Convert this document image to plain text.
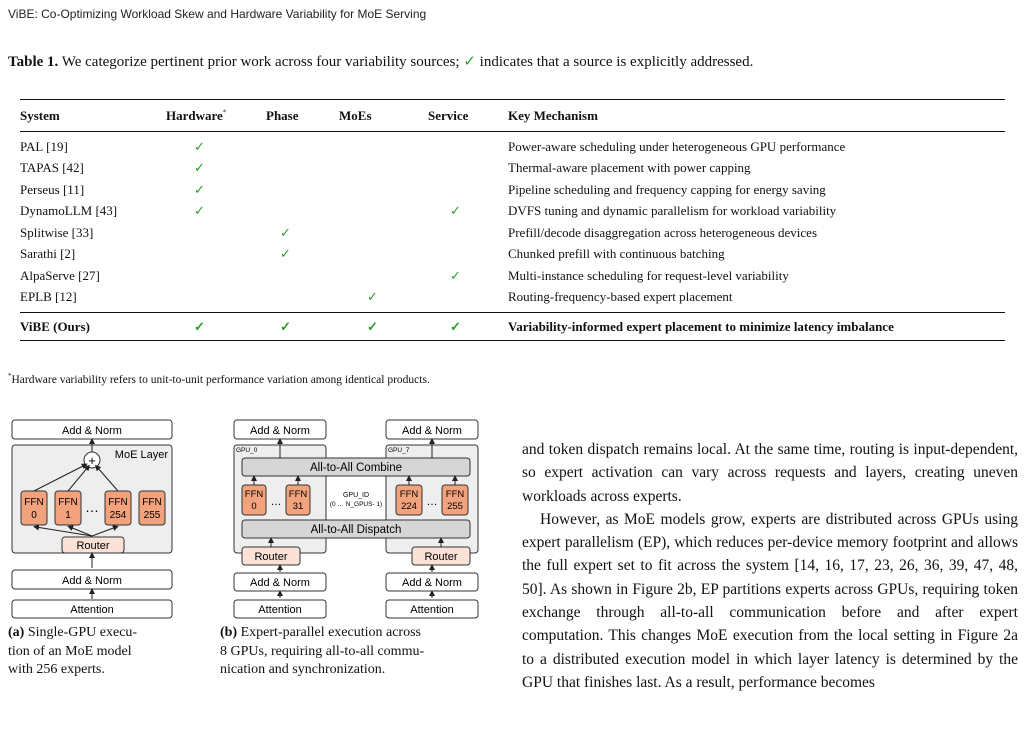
ViBE: Co-Optimizing Workload Skew and Hardware Variability for MoE Serving
Table 1. We categorize pertinent prior work across four variability sources; ✓ indicates that a source is explicitly addressed.
System	Hardware*	Phase	MoEs	Service	Key Mechanism

PAL [19]	✓				Power-aware scheduling under heterogeneous GPU performance
TAPAS [42]	✓				Thermal-aware placement with power capping
Perseus [11]	✓				Pipeline scheduling and frequency capping for energy saving
DynamoLLM [43]	✓			✓	DVFS tuning and dynamic parallelism for workload variability
Splitwise [33]		✓			Prefill/decode disaggregation across heterogeneous devices
Sarathi [2]		✓			Chunked prefill with continuous batching
AlpaServe [27]				✓	Multi-instance scheduling for request-level variability
EPLB [12]			✓		Routing-frequency-based expert placement

ViBE (Ours)	✓	✓	✓	✓	Variability-informed expert placement to minimize latency imbalance
*Hardware variability refers to unit-to-unit performance variation among identical products.
Add & Norm
MoE Layer
+
FFN
0
FFN
1
… FFN
254
FFN
255
Router
Add & Norm
Attention
(a) Single-GPU execu-
tion of an MoE model
with 256 experts.
Add & Norm	Add & Norm
GPU_0	GPU_7
All-to-All Combine
FFN
0 …
FFN
31
GPU_ID
(0 … N_GPUS- 1)
FFN
224 …
FFN
255
All-to-All Dispatch
Router	Router
Add & Norm	Add & Norm
Attention	Attention
(b) Expert-parallel execution across
8 GPUs, requiring all-to-all commu-
nication and synchronization.

and token dispatch remains local. At the same time, routing is input-dependent, so expert activation can vary across requests and layers, creating uneven workloads across experts.

However, as MoE models grow, experts are distributed across GPUs using expert parallelism (EP), which reduces per-device memory footprint and allows the full expert set to fit across the system [14, 16, 17, 23, 26, 36, 39, 47, 48, 50]. As shown in Figure 2b, EP partitions experts across GPUs, requiring token exchange through all-to-all communication before and after expert computation. This changes MoE execution from the local setting in Figure 2a to a distributed execution model in which layer latency is determined by the GPU that finishes last. As a result, performance becomes
